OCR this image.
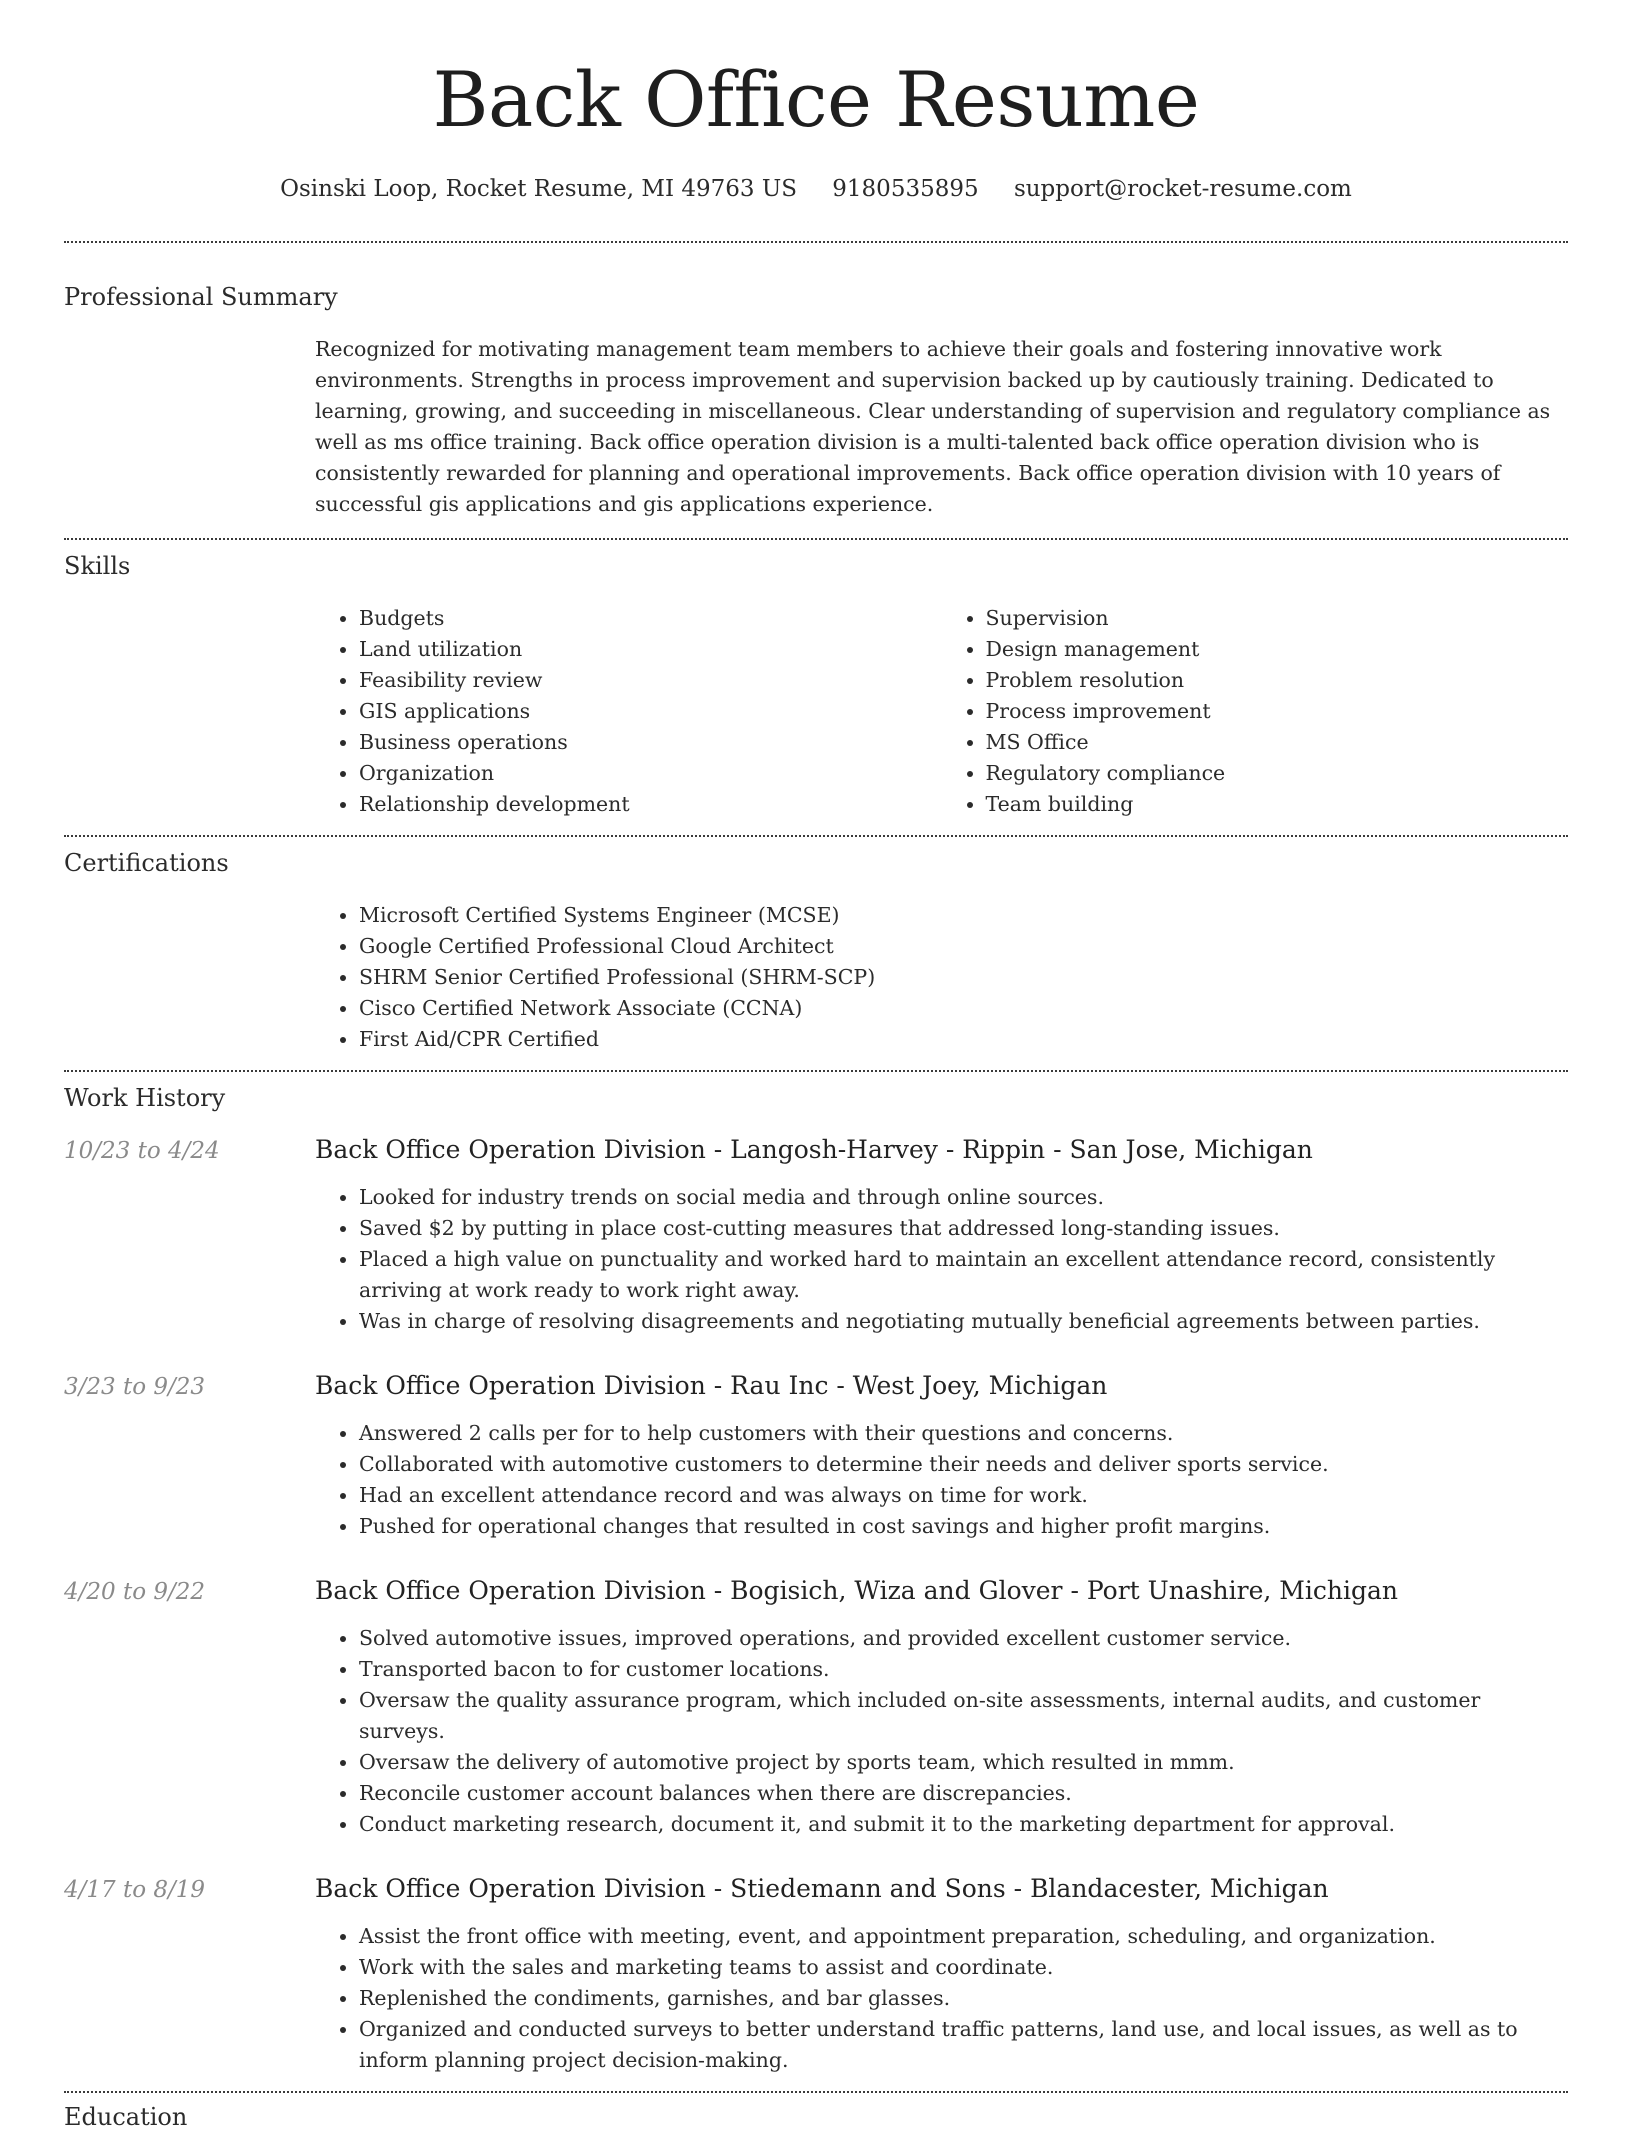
Back Office Resume
Osinski Loop, Rocket Resume, MI 49763 US 9180535895 support@rocket-resume.com
Professional Summary

Recognized for motivating management team members to achieve their goals and fostering innovative work environments. Strengths in process improvement and supervision backed up by cautiously training. Dedicated to learning, growing, and succeeding in miscellaneous. Clear understanding of supervision and regulatory compliance as well as ms office training. Back office operation division is a multi-talented back office operation division who is consistently rewarded for planning and operational improvements. Back office operation division with 10 years of successful gis applications and gis applications experience.

Skills
• Budgets
• Land utilization
• Feasibility review
• GIS applications
• Business operations
• Organization
• Relationship development
• Supervision
• Design management
• Problem resolution
• Process improvement
• MS Office
• Regulatory compliance
• Team building
Certifications
• Microsoft Certified Systems Engineer (MCSE)
• Google Certified Professional Cloud Architect
• SHRM Senior Certified Professional (SHRM-SCP)
• Cisco Certified Network Associate (CCNA)
• First Aid/CPR Certified
Work History
10/23 to 4/24	Back Office Operation Division - Langosh-Harvey - Rippin - San Jose, Michigan
• Looked for industry trends on social media and through online sources.
• Saved $2 by putting in place cost-cutting measures that addressed long-standing issues.
• Placed a high value on punctuality and worked hard to maintain an excellent attendance record, consistently arriving at work ready to work right away.
• Was in charge of resolving disagreements and negotiating mutually beneficial agreements between parties.
3/23 to 9/23	Back Office Operation Division - Rau Inc - West Joey, Michigan
• Answered 2 calls per for to help customers with their questions and concerns.
• Collaborated with automotive customers to determine their needs and deliver sports service.
• Had an excellent attendance record and was always on time for work.
• Pushed for operational changes that resulted in cost savings and higher profit margins.
4/20 to 9/22	Back Office Operation Division - Bogisich, Wiza and Glover - Port Unashire, Michigan
• Solved automotive issues, improved operations, and provided excellent customer service.
• Transported bacon to for customer locations.
• Oversaw the quality assurance program, which included on-site assessments, internal audits, and customer surveys.
• Oversaw the delivery of automotive project by sports team, which resulted in mmm.
• Reconcile customer account balances when there are discrepancies.
• Conduct marketing research, document it, and submit it to the marketing department for approval.
4/17 to 8/19	Back Office Operation Division - Stiedemann and Sons - Blandacester, Michigan
• Assist the front office with meeting, event, and appointment preparation, scheduling, and organization.
• Work with the sales and marketing teams to assist and coordinate.
• Replenished the condiments, garnishes, and bar glasses.
• Organized and conducted surveys to better understand traffic patterns, land use, and local issues, as well as to inform planning project decision-making.
Education
